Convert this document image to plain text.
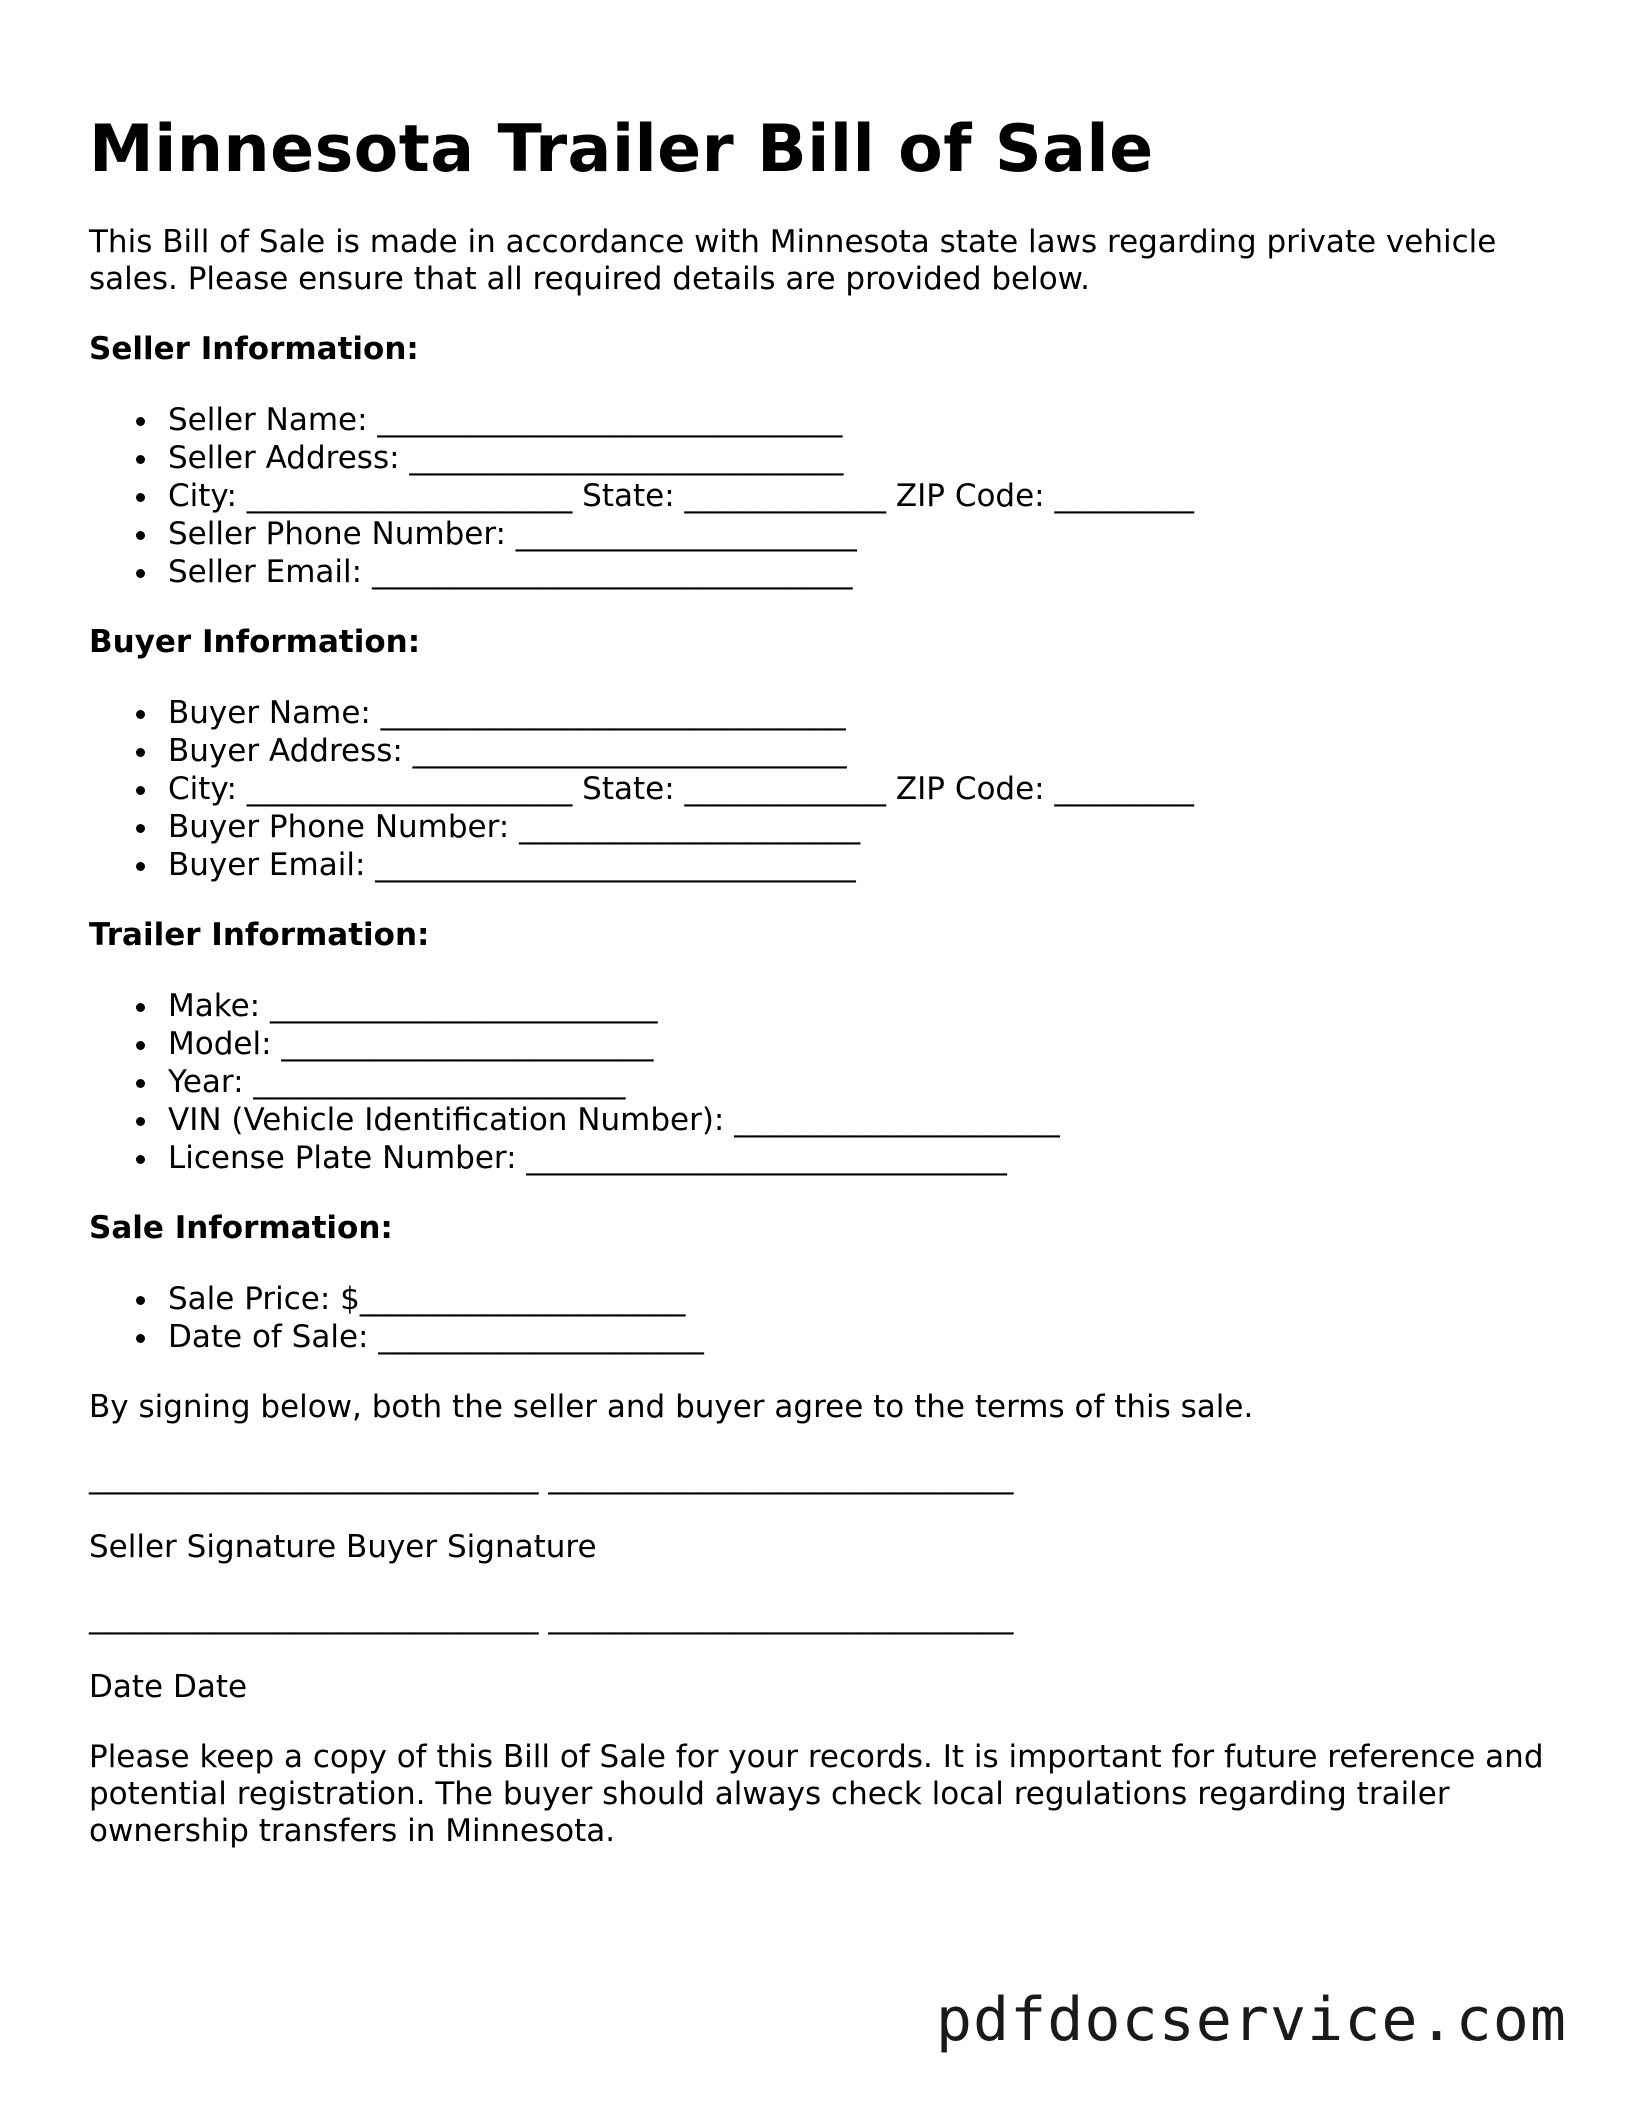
Minnesota Trailer Bill of Sale

This Bill of Sale is made in accordance with Minnesota state laws regarding private vehicle sales. Please ensure that all required details are provided below.

Seller Information:
Seller Name: ______________________________
Seller Address: ____________________________
City: _____________________ State: _____________ ZIP Code: _________
Seller Phone Number: ______________________
Seller Email: _______________________________
Buyer Information:
Buyer Name: ______________________________
Buyer Address: ____________________________
City: _____________________ State: _____________ ZIP Code: _________
Buyer Phone Number: ______________________
Buyer Email: _______________________________
Trailer Information:
Make: _________________________
Model: ________________________
Year: ________________________
VIN (Vehicle Identification Number): _____________________
License Plate Number: _______________________________
Sale Information:
Sale Price: $_____________________
Date of Sale: _____________________

By signing below, both the seller and buyer agree to the terms of this sale.

_____________________________ ______________________________
Seller Signature Buyer Signature
_____________________________ ______________________________
Date Date

Please keep a copy of this Bill of Sale for your records. It is important for future reference and potential registration. The buyer should always check local regulations regarding trailer ownership transfers in Minnesota.

pdfdocservice.com
